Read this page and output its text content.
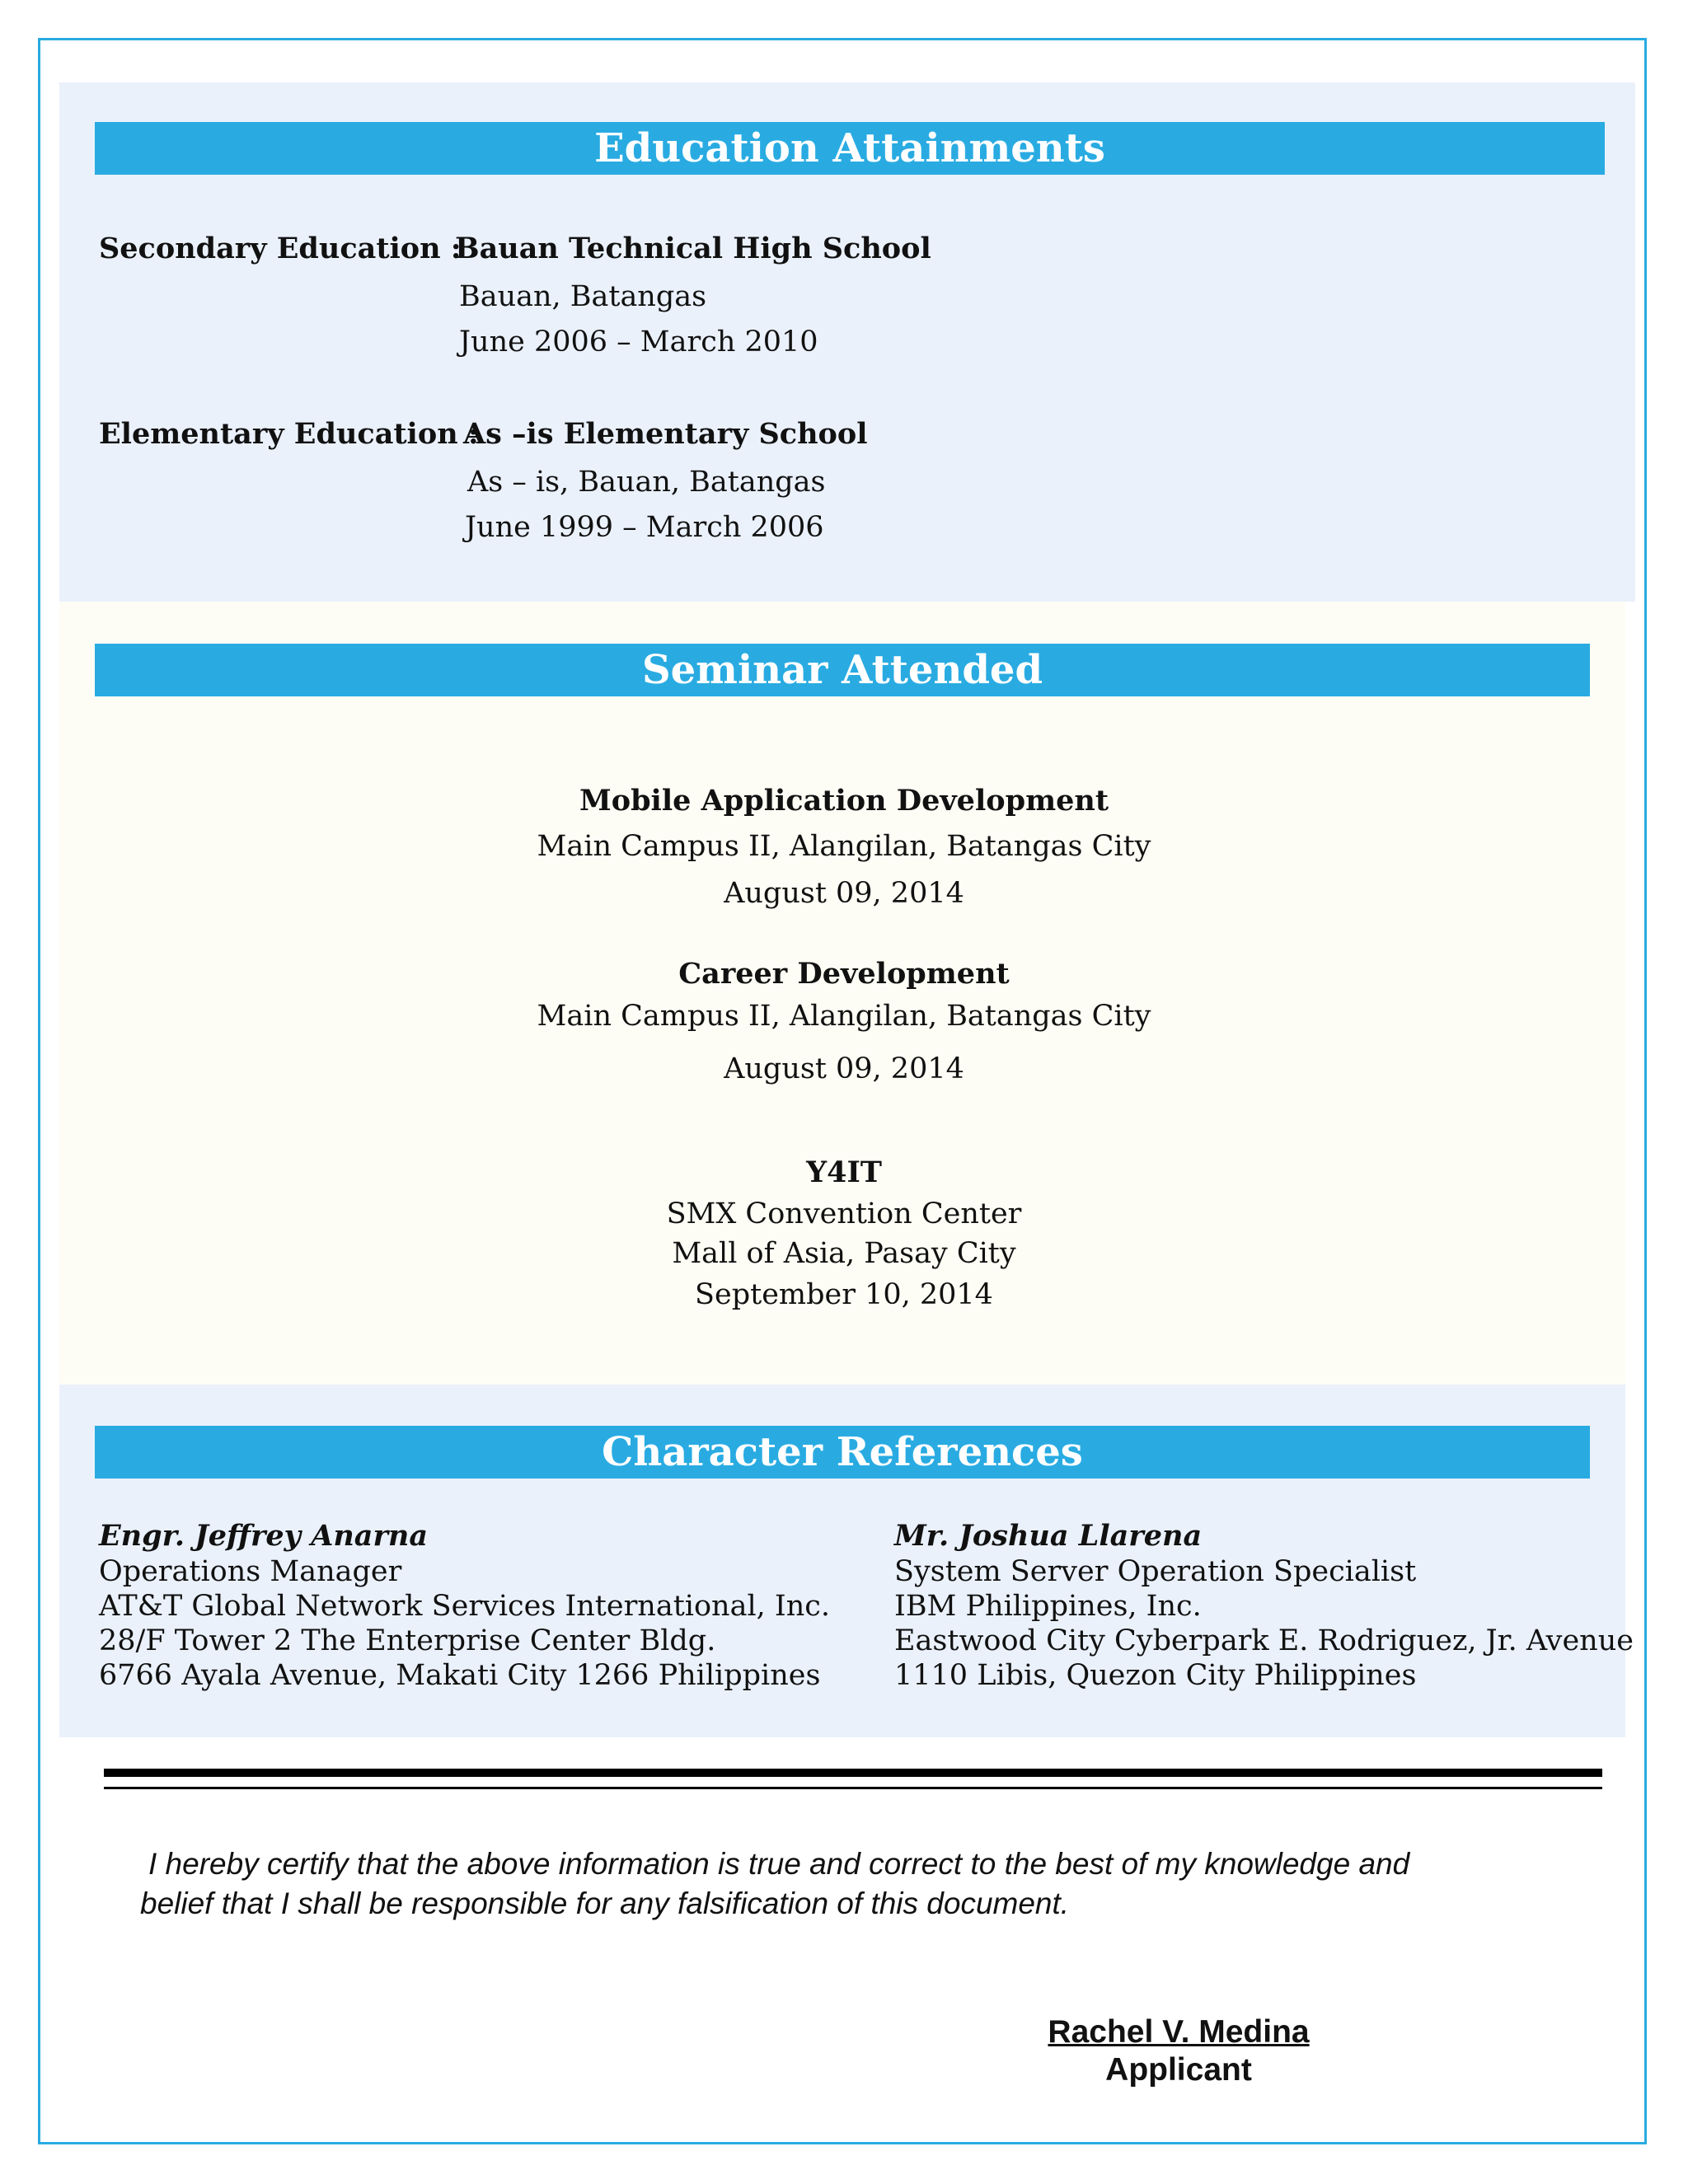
Education Attainments
Secondary Education :
Bauan Technical High School
Bauan, Batangas
June 2006 – March 2010
Elementary Education :
As –is Elementary School
As – is, Bauan, Batangas
June 1999 – March 2006
Seminar Attended
Mobile Application Development
Main Campus II, Alangilan, Batangas City
August 09, 2014
Career Development
Main Campus II, Alangilan, Batangas City
August 09, 2014
Y4IT
SMX Convention Center
Mall of Asia, Pasay City
September 10, 2014
Character References
Engr. Jeffrey Anarna
Operations Manager
AT&T Global Network Services International, Inc.
28/F Tower 2 The Enterprise Center Bldg.
6766 Ayala Avenue, Makati City 1266 Philippines
Mr. Joshua Llarena
System Server Operation Specialist
IBM Philippines, Inc.
Eastwood City Cyberpark E. Rodriguez, Jr. Avenue
1110 Libis, Quezon City Philippines
I hereby certify that the above information is true and correct to the best of my knowledge and
belief that I shall be responsible for any falsification of this document.
Rachel V. Medina
Applicant
